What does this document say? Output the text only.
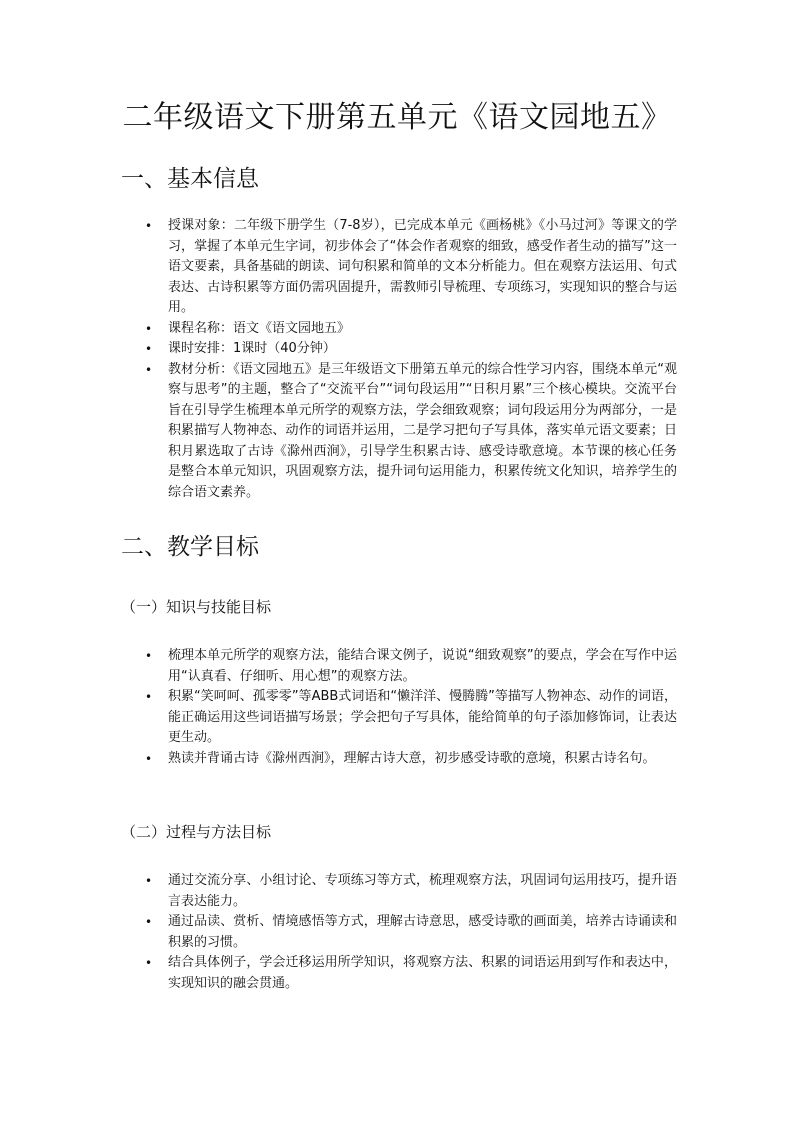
二年级语文下册第五单元《语文园地五》
一、基本信息
• 授课对象：二年级下册学生（7-8岁），已完成本单元《画杨桃》《小马过河》等课文的学习，掌握了本单元生字词，初步体会了“体会作者观察的细致，感受作者生动的描写”这一语文要素，具备基础的朗读、词句积累和简单的文本分析能力。但在观察方法运用、句式表达、古诗积累等方面仍需巩固提升，需教师引导梳理、专项练习，实现知识的整合与运用。
• 课程名称：语文《语文园地五》
• 课时安排：1课时（40分钟）
• 教材分析：《语文园地五》是三年级语文下册第五单元的综合性学习内容，围绕本单元“观察与思考”的主题，整合了“交流平台”“词句段运用”“日积月累”三个核心模块。交流平台旨在引导学生梳理本单元所学的观察方法，学会细致观察；词句段运用分为两部分，一是积累描写人物神态、动作的词语并运用，二是学习把句子写具体，落实单元语文要素；日积月累选取了古诗《滁州西涧》，引导学生积累古诗、感受诗歌意境。本节课的核心任务是整合本单元知识，巩固观察方法，提升词句运用能力，积累传统文化知识，培养学生的综合语文素养。
二、教学目标
（一）知识与技能目标
• 梳理本单元所学的观察方法，能结合课文例子，说说“细致观察”的要点，学会在写作中运用“认真看、仔细听、用心想”的观察方法。
• 积累“笑呵呵、孤零零”等ABB式词语和“懒洋洋、慢腾腾”等描写人物神态、动作的词语，能正确运用这些词语描写场景；学会把句子写具体，能给简单的句子添加修饰词，让表达更生动。
• 熟读并背诵古诗《滁州西涧》，理解古诗大意，初步感受诗歌的意境，积累古诗名句。
（二）过程与方法目标
• 通过交流分享、小组讨论、专项练习等方式，梳理观察方法，巩固词句运用技巧，提升语言表达能力。
• 通过品读、赏析、情境感悟等方式，理解古诗意思，感受诗歌的画面美，培养古诗诵读和积累的习惯。
• 结合具体例子，学会迁移运用所学知识，将观察方法、积累的词语运用到写作和表达中，实现知识的融会贯通。
